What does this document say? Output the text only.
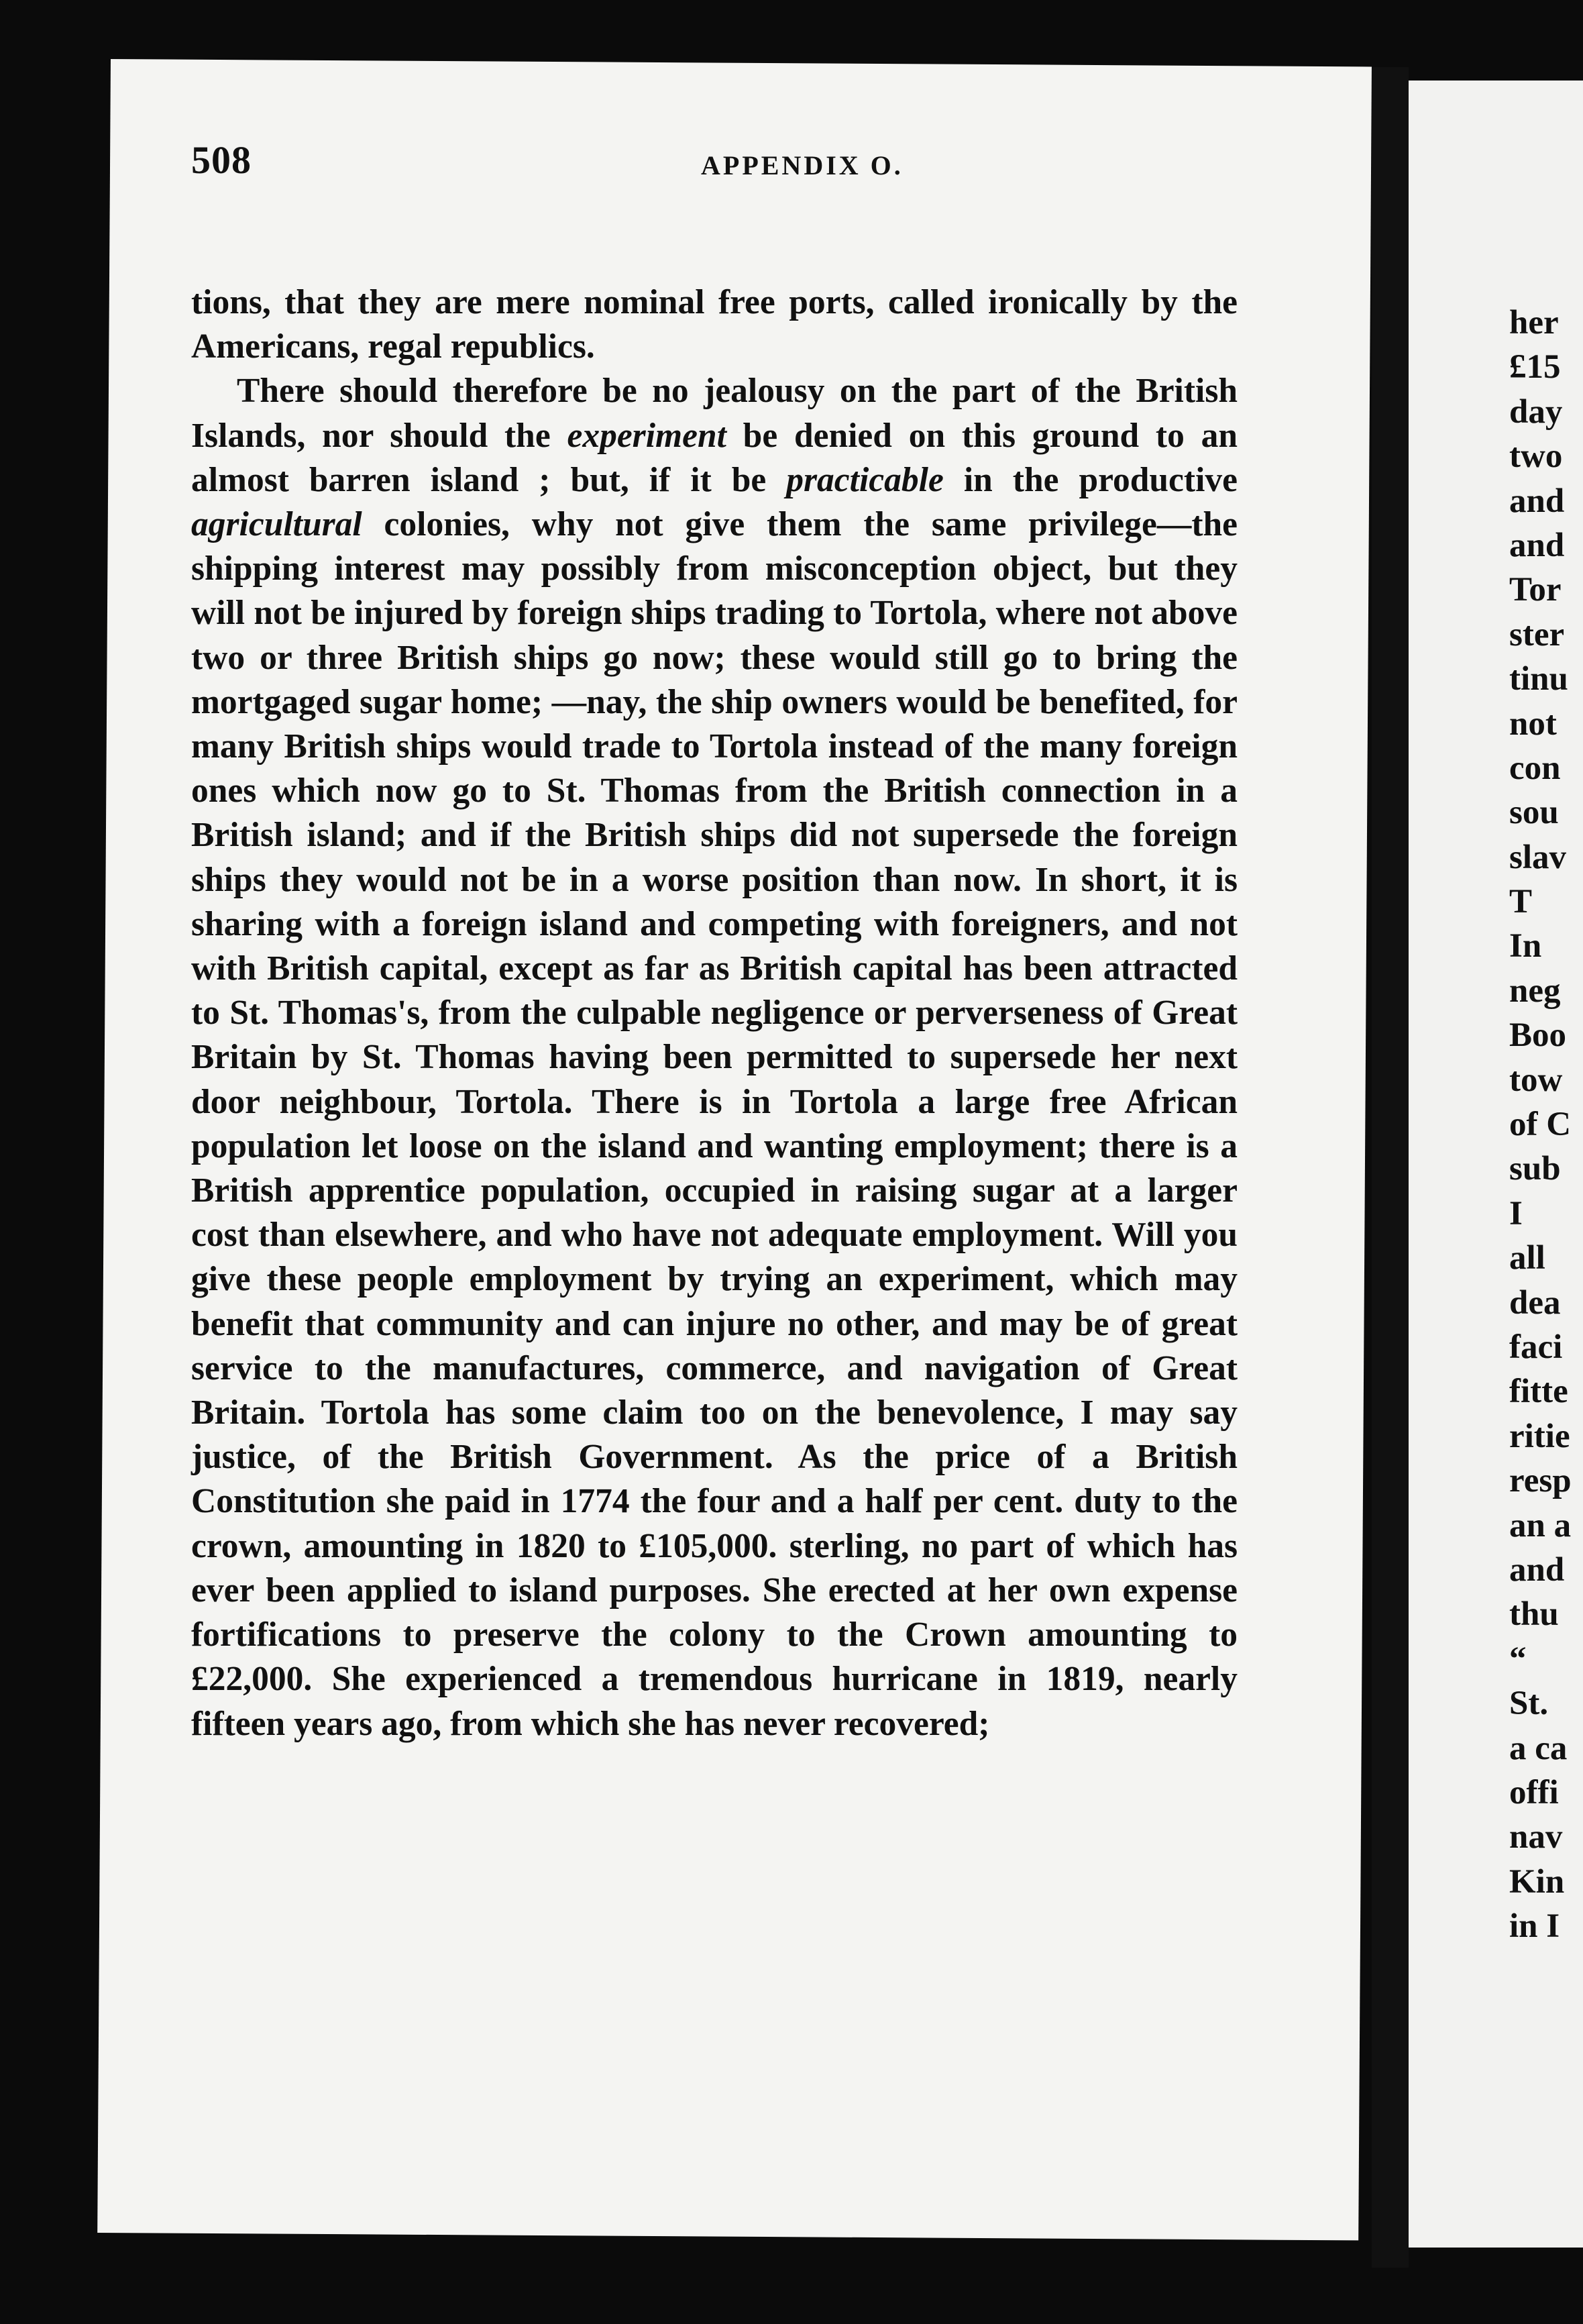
508	APPENDIX O.

tions, that they are mere nominal free ports, called ironically by the Americans, regal republics.

There should therefore be no jealousy on the part of the British Islands, nor should the experiment be denied on this ground to an almost barren island ; but, if it be practicable in the productive agricultural colonies, why not give them the same privilege—the shipping interest may possibly from misconception object, but they will not be injured by foreign ships trading to Tortola, where not above two or three British ships go now; these would still go to bring the mortgaged sugar home; —nay, the ship owners would be benefited, for many British ships would trade to Tortola instead of the many foreign ones which now go to St. Thomas from the British connection in a British island; and if the British ships did not supersede the foreign ships they would not be in a worse position than now. In short, it is sharing with a foreign island and competing with foreigners, and not with British capital, except as far as British capital has been attracted to St. Thomas's, from the culpable negligence or perverseness of Great Britain by St. Thomas having been permitted to supersede her next door neighbour, Tortola. There is in Tortola a large free African population let loose on the island and wanting employment; there is a British apprentice population, occupied in raising sugar at a larger cost than elsewhere, and who have not adequate employment. Will you give these people employment by trying an experiment, which may benefit that community and can injure no other, and may be of great service to the manufactures, commerce, and navigation of Great Britain. Tortola has some claim too on the benevolence, I may say justice, of the British Government. As the price of a British Constitution she paid in 1774 the four and a half per cent. duty to the crown, amounting in 1820 to £105,000. sterling, no part of which has ever been applied to island purposes. She erected at her own expense fortifications to preserve the colony to the Crown amounting to £22,000. She experienced a tremendous hurricane in 1819, nearly fifteen years ago, from which she has never recovered;

her
£15
day
two
and
and
Tor
ster
tinu
not
con
sou
slav
T
In
neg
Boo
tow
of C
sub
I
all
dea
faci
fitte
ritie
resp
an a
and
thu
“
St.
a ca
offi
nav
Kin
in I
